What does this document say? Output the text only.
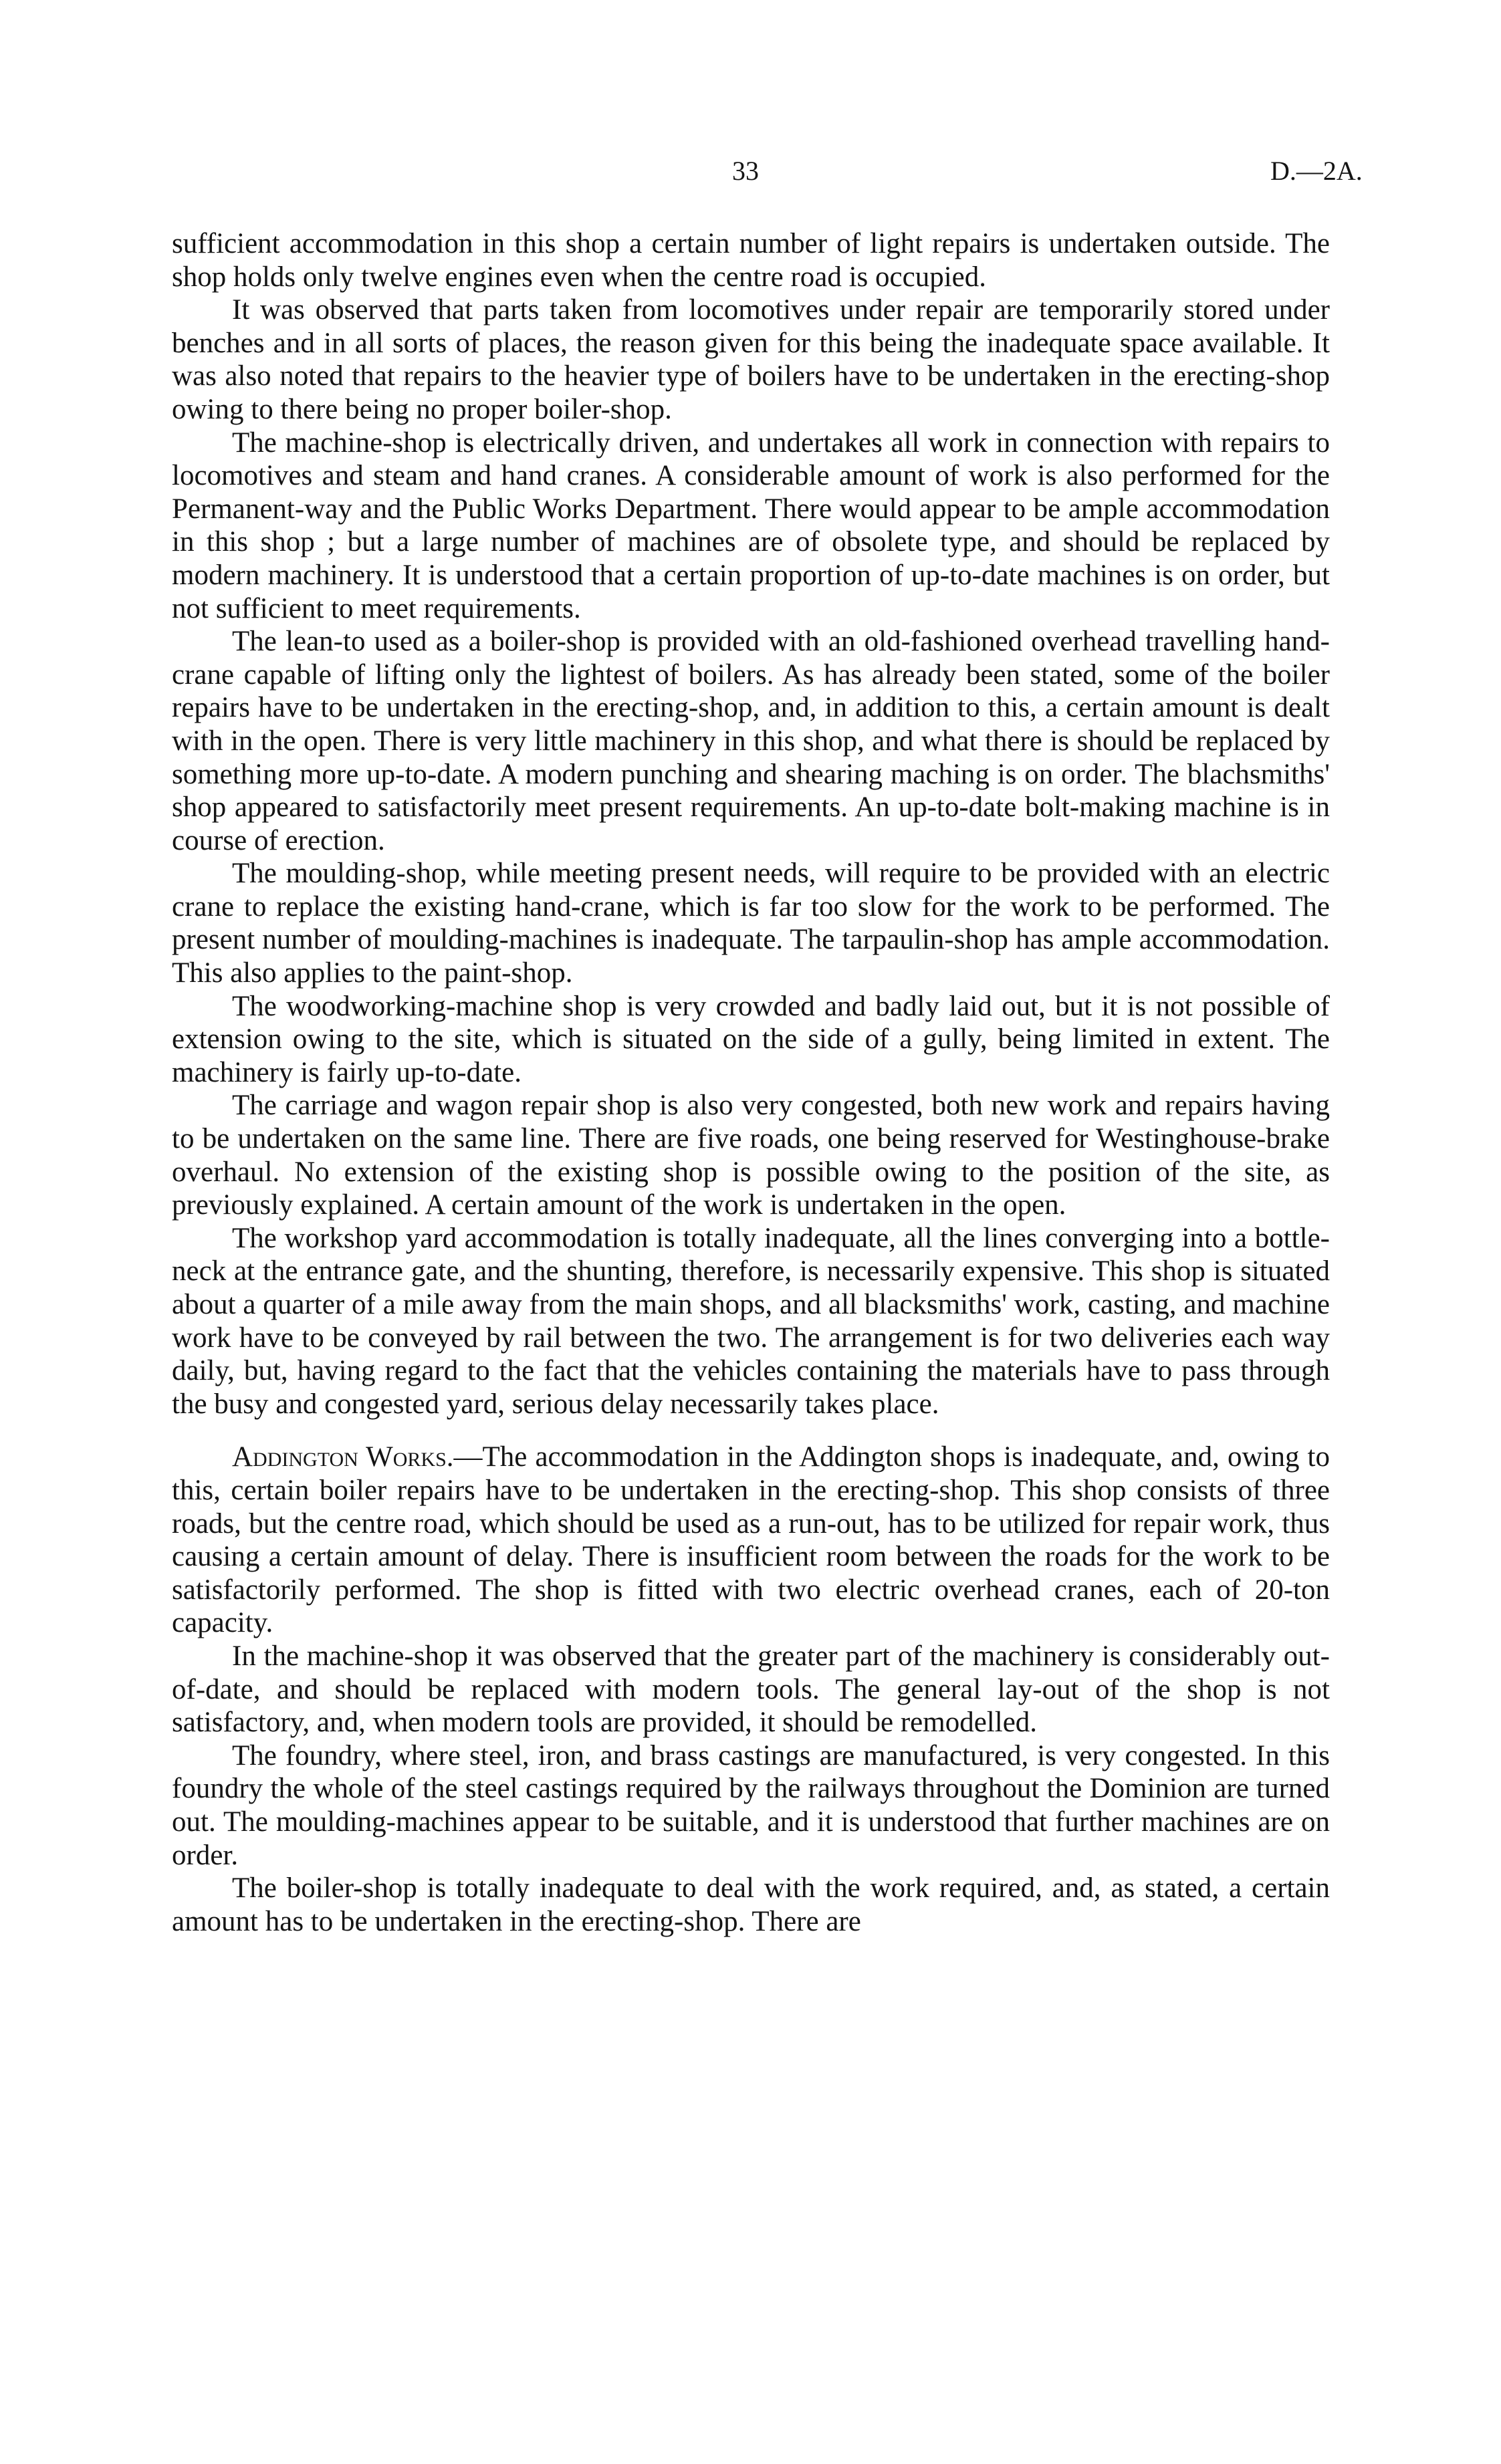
33	D.—2A.

sufficient accommodation in this shop a certain number of light repairs is undertaken outside. The shop holds only twelve engines even when the centre road is occupied.

It was observed that parts taken from locomotives under repair are temporarily stored under benches and in all sorts of places, the reason given for this being the inadequate space available. It was also noted that repairs to the heavier type of boilers have to be undertaken in the erecting-shop owing to there being no proper boiler-shop.

The machine-shop is electrically driven, and undertakes all work in connection with repairs to locomotives and steam and hand cranes. A considerable amount of work is also performed for the Permanent-way and the Public Works Department. There would appear to be ample accommodation in this shop ; but a large number of machines are of obsolete type, and should be replaced by modern machinery. It is understood that a certain proportion of up-to-date machines is on order, but not sufficient to meet requirements.

The lean-to used as a boiler-shop is provided with an old-fashioned overhead travelling hand-crane capable of lifting only the lightest of boilers. As has already been stated, some of the boiler repairs have to be undertaken in the erecting-shop, and, in addition to this, a certain amount is dealt with in the open. There is very little machinery in this shop, and what there is should be replaced by something more up-to-date. A modern punching and shearing maching is on order. The blachsmiths' shop appeared to satisfactorily meet present requirements. An up-to-date bolt-making machine is in course of erection.

The moulding-shop, while meeting present needs, will require to be provided with an electric crane to replace the existing hand-crane, which is far too slow for the work to be performed. The present number of moulding-machines is inadequate. The tarpaulin-shop has ample accommodation. This also applies to the paint-shop.

The woodworking-machine shop is very crowded and badly laid out, but it is not possible of extension owing to the site, which is situated on the side of a gully, being limited in extent. The machinery is fairly up-to-date.

The carriage and wagon repair shop is also very congested, both new work and repairs having to be undertaken on the same line. There are five roads, one being reserved for Westinghouse-brake overhaul. No extension of the existing shop is possible owing to the position of the site, as previously explained. A certain amount of the work is undertaken in the open.

The workshop yard accommodation is totally inadequate, all the lines converging into a bottle-neck at the entrance gate, and the shunting, therefore, is necessarily expensive. This shop is situated about a quarter of a mile away from the main shops, and all blacksmiths' work, casting, and machine work have to be conveyed by rail between the two. The arrangement is for two deliveries each way daily, but, having regard to the fact that the vehicles containing the materials have to pass through the busy and congested yard, serious delay necessarily takes place.

Addington Works.—The accommodation in the Addington shops is inadequate, and, owing to this, certain boiler repairs have to be undertaken in the erecting-shop. This shop consists of three roads, but the centre road, which should be used as a run-out, has to be utilized for repair work, thus causing a certain amount of delay. There is insufficient room between the roads for the work to be satisfactorily performed. The shop is fitted with two electric overhead cranes, each of 20-ton capacity.

In the machine-shop it was observed that the greater part of the machinery is considerably out-of-date, and should be replaced with modern tools. The general lay-out of the shop is not satisfactory, and, when modern tools are provided, it should be remodelled.

The foundry, where steel, iron, and brass castings are manufactured, is very congested. In this foundry the whole of the steel castings required by the railways throughout the Dominion are turned out. The moulding-machines appear to be suitable, and it is understood that further machines are on order.

The boiler-shop is totally inadequate to deal with the work required, and, as stated, a certain amount has to be undertaken in the erecting-shop. There are
